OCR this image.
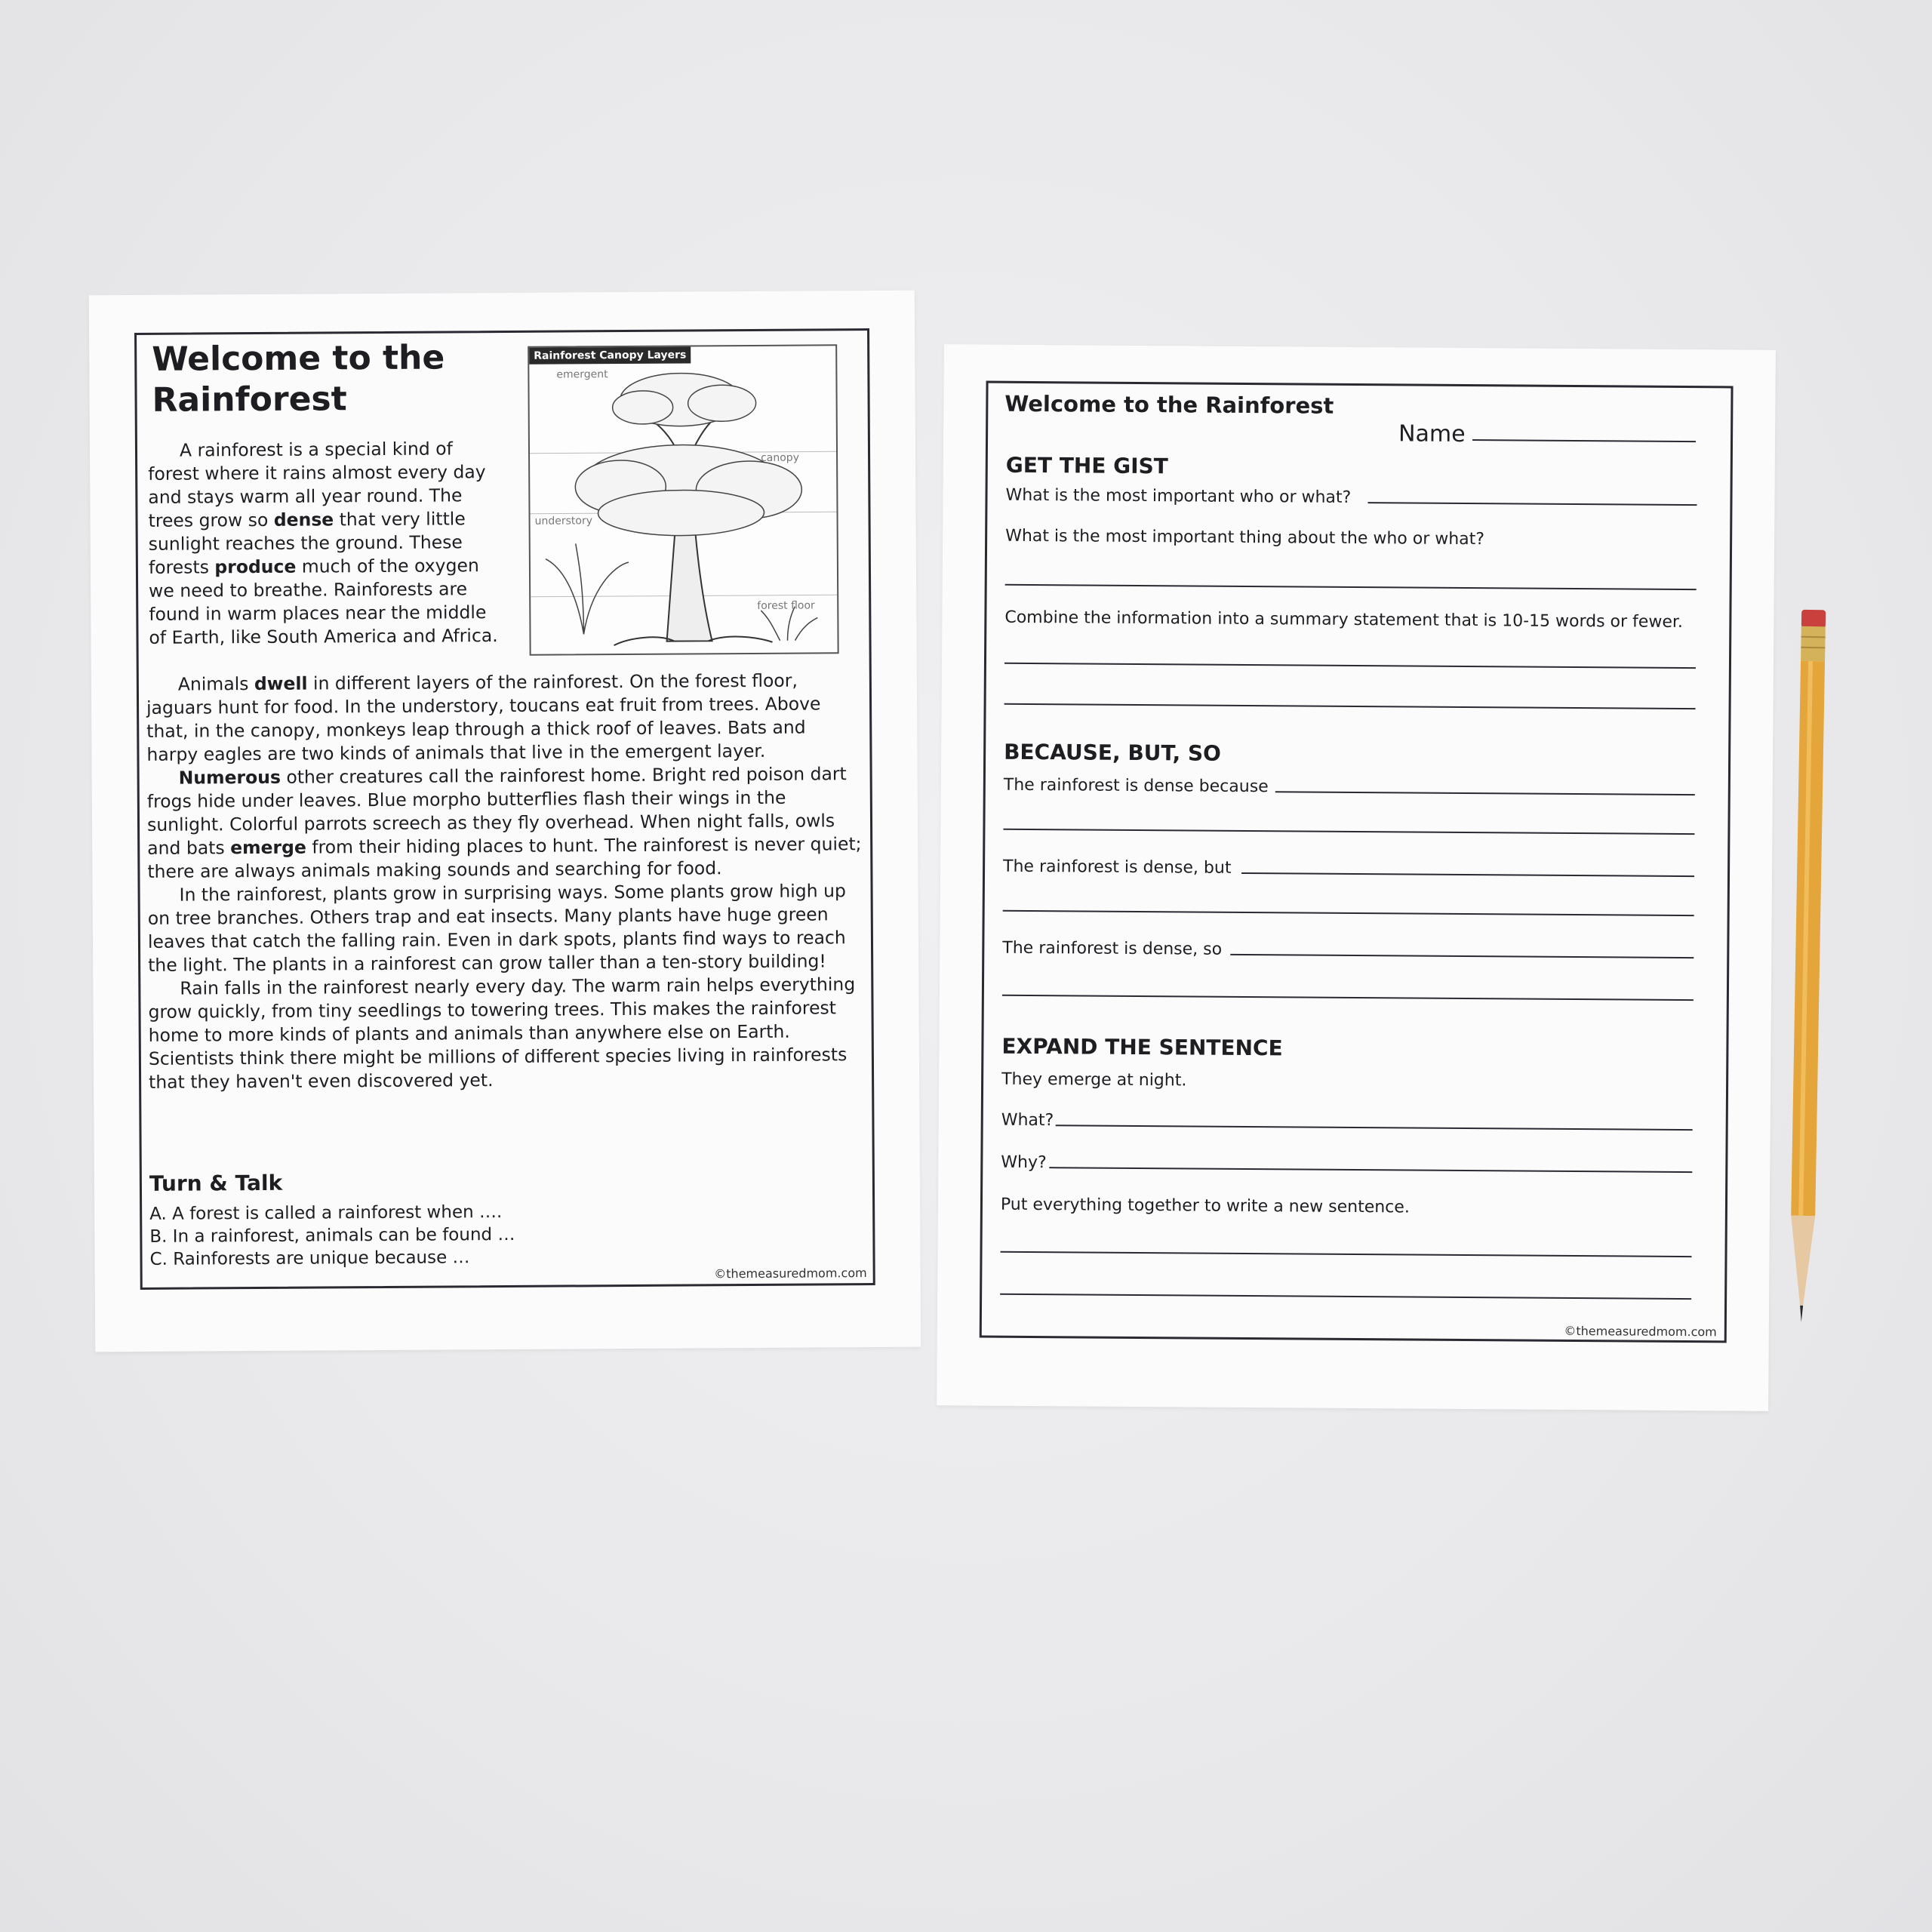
Welcome to the Rainforest

A rainforest is a special kind of forest where it rains almost every day and stays warm all year round. The trees grow so dense that very little sunlight reaches the ground. These forests produce much of the oxygen we need to breathe. Rainforests are found in warm places near the middle of Earth, like South America and Africa.

Rainforest Canopy Layers
emergent
canopy
understory
forest floor

Animals dwell in different layers of the rainforest. On the forest floor, jaguars hunt for food. In the understory, toucans eat fruit from trees. Above that, in the canopy, monkeys leap through a thick roof of leaves. Bats and harpy eagles are two kinds of animals that live in the emergent layer.

Numerous other creatures call the rainforest home. Bright red poison dart frogs hide under leaves. Blue morpho butterflies flash their wings in the sunlight. Colorful parrots screech as they fly overhead. When night falls, owls and bats emerge from their hiding places to hunt. The rainforest is never quiet; there are always animals making sounds and searching for food.

In the rainforest, plants grow in surprising ways. Some plants grow high up on tree branches. Others trap and eat insects. Many plants have huge green leaves that catch the falling rain. Even in dark spots, plants find ways to reach the light. The plants in a rainforest can grow taller than a ten-story building!

Rain falls in the rainforest nearly every day. The warm rain helps everything grow quickly, from tiny seedlings to towering trees. This makes the rainforest home to more kinds of plants and animals than anywhere else on Earth. Scientists think there might be millions of different species living in rainforests that they haven't even discovered yet.

Turn & Talk
A. A forest is called a rainforest when ….
B. In a rainforest, animals can be found …
C. Rainforests are unique because …
©themeasuredmom.com
Welcome to the Rainforest
Name
GET THE GIST
What is the most important who or what?
What is the most important thing about the who or what?
Combine the information into a summary statement that is 10-15 words or fewer.
BECAUSE, BUT, SO
The rainforest is dense because
The rainforest is dense, but
The rainforest is dense, so
EXPAND THE SENTENCE
They emerge at night.
What?
Why?
Put everything together to write a new sentence.
©themeasuredmom.com
